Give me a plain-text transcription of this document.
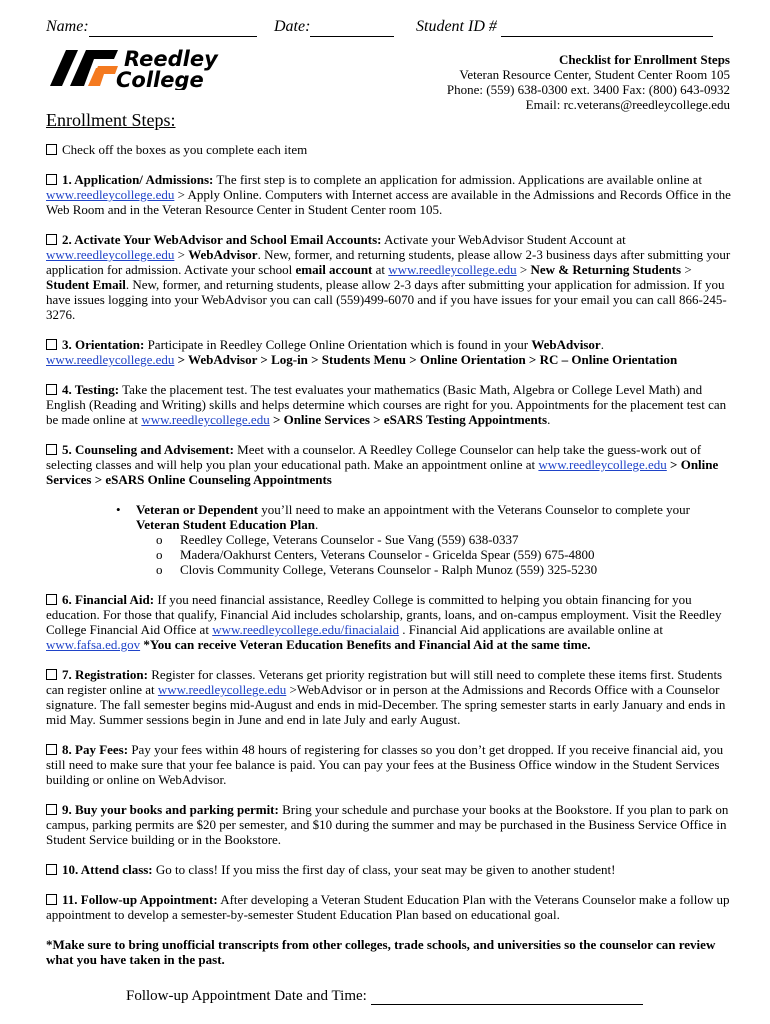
Name:	Date:	Student ID #
Reedley
College
Checklist for Enrollment Steps
Veteran Resource Center, Student Center Room 105
Phone: (559) 638-0300 ext. 3400 Fax: (800) 643-0932
Email: rc.veterans@reedleycollege.edu
Enrollment Steps:

Check off the boxes as you complete each item

1. Application/ Admissions: The first step is to complete an application for admission. Applications are available online at www.reedleycollege.edu > Apply Online. Computers with Internet access are available in the Admissions and Records Office in the Web Room and in the Veteran Resource Center in Student Center room 105.

2. Activate Your WebAdvisor and School Email Accounts: Activate your WebAdvisor Student Account at www.reedleycollege.edu > WebAdvisor. New, former, and returning students, please allow 2-3 business days after submitting your application for admission. Activate your school email account at www.reedleycollege.edu > New & Returning Students > Student Email. New, former, and returning students, please allow 2-3 days after submitting your application for admission. If you have issues logging into your WebAdvisor you can call (559)499-6070 and if you have issues for your email you can call 866-245-3276.

3. Orientation: Participate in Reedley College Online Orientation which is found in your WebAdvisor.
www.reedleycollege.edu > WebAdvisor > Log-in > Students Menu > Online Orientation > RC – Online Orientation

4. Testing: Take the placement test. The test evaluates your mathematics (Basic Math, Algebra or College Level Math) and English (Reading and Writing) skills and helps determine which courses are right for you. Appointments for the placement test can be made online at www.reedleycollege.edu > Online Services > eSARS Testing Appointments.

5. Counseling and Advisement: Meet with a counselor. A Reedley College Counselor can help take the guess-work out of selecting classes and will help you plan your educational path. Make an appointment online at www.reedleycollege.edu > Online Services > eSARS Online Counseling Appointments

• Veteran or Dependent you’ll need to make an appointment with the Veterans Counselor to complete your Veteran Student Education Plan.
o Reedley College, Veterans Counselor - Sue Vang (559) 638-0337
o Madera/Oakhurst Centers, Veterans Counselor - Gricelda Spear (559) 675-4800
o Clovis Community College, Veterans Counselor - Ralph Munoz (559) 325-5230

6. Financial Aid: If you need financial assistance, Reedley College is committed to helping you obtain financing for you education. For those that qualify, Financial Aid includes scholarship, grants, loans, and on-campus employment. Visit the Reedley College Financial Aid Office at www.reedleycollege.edu/finacialaid . Financial Aid applications are available online at www.fafsa.ed.gov *You can receive Veteran Education Benefits and Financial Aid at the same time.

7. Registration: Register for classes. Veterans get priority registration but will still need to complete these items first. Students can register online at www.reedleycollege.edu >WebAdvisor or in person at the Admissions and Records Office with a Counselor signature. The fall semester begins mid-August and ends in mid-December. The spring semester starts in early January and ends in mid May. Summer sessions begin in June and end in late July and early August.

8. Pay Fees: Pay your fees within 48 hours of registering for classes so you don’t get dropped. If you receive financial aid, you still need to make sure that your fee balance is paid. You can pay your fees at the Business Office window in the Student Services building or online on WebAdvisor.

9. Buy your books and parking permit: Bring your schedule and purchase your books at the Bookstore. If you plan to park on campus, parking permits are $20 per semester, and $10 during the summer and may be purchased in the Business Service Office in Student Service building or in the Bookstore.

10. Attend class: Go to class! If you miss the first day of class, your seat may be given to another student!

11. Follow-up Appointment: After developing a Veteran Student Education Plan with the Veterans Counselor make a follow up appointment to develop a semester-by-semester Student Education Plan based on educational goal.

*Make sure to bring unofficial transcripts from other colleges, trade schools, and universities so the counselor can review what you have taken in the past.

Follow-up Appointment Date and Time:
